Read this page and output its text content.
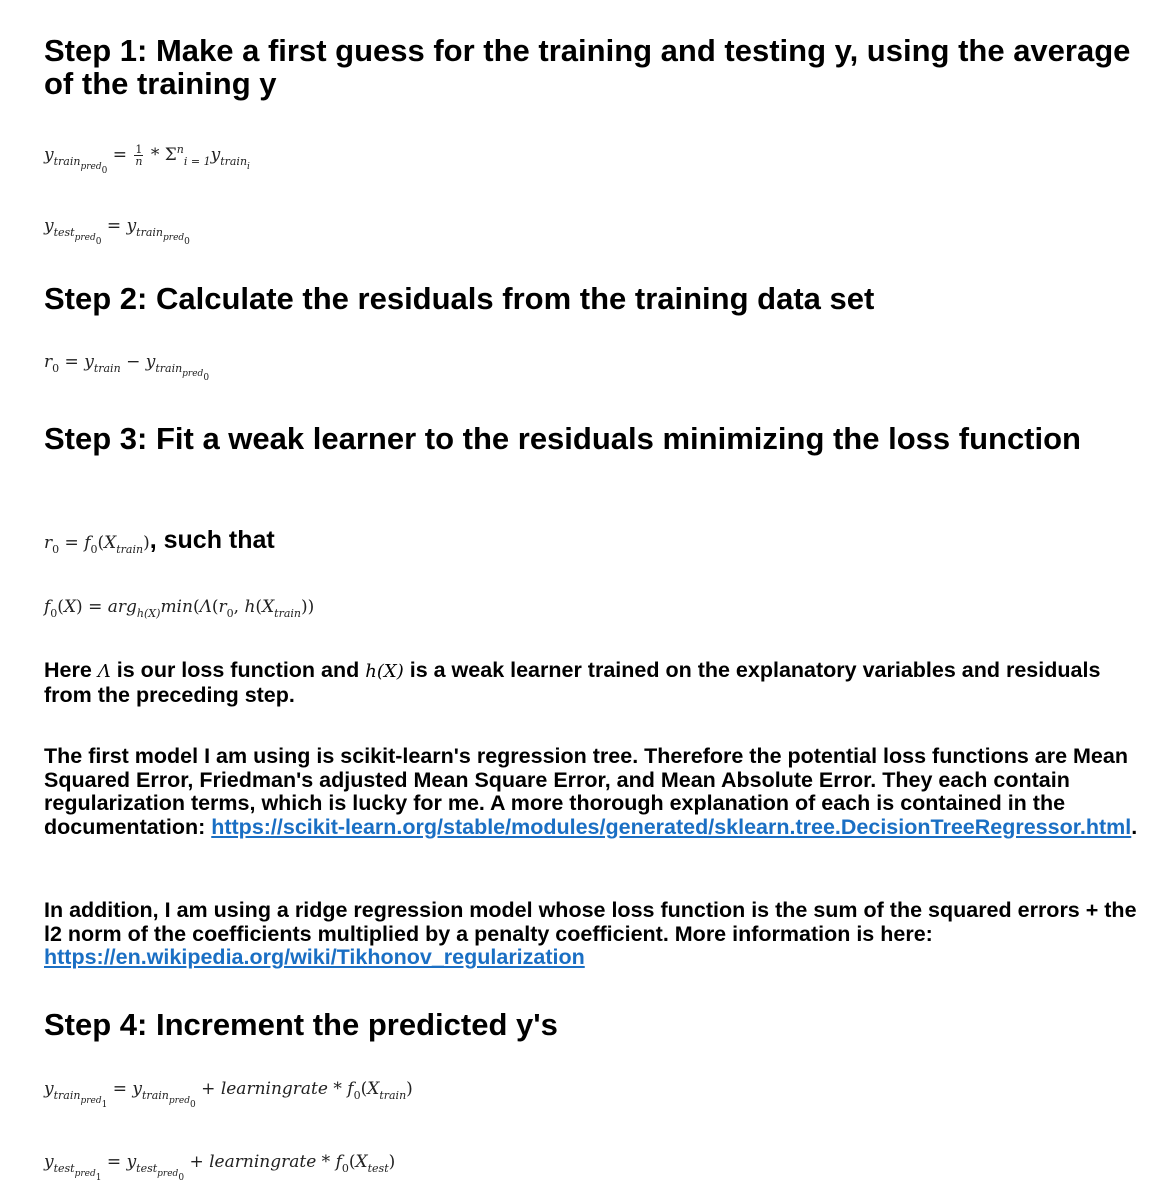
Step 1: Make a first guess for the training and testing y, using the average of the training y
$y_{train_{pred_0}} = \frac{1}{n} * \Sigma^n_{i = 1}y_{train_i}$
$y_{test_{pred_0}} = y_{train_{pred_0}}$
Step 2: Calculate the residuals from the training data set
$r_0 = y_{train} - y_{train_{pred_0}}$
Step 3: Fit a weak learner to the residuals minimizing the loss function
$r_0 = f_0(X_{train})$, such that
$f_0(X) = arg_{h(X)}\min(\Lambda(r_0$, $h(X_{train})$)

Here Λ is our loss function and h(X) is a weak learner trained on the explanatory variables and residuals from the preceding step.

The first model I am using is scikit-learn's regression tree. Therefore the potential loss functions are Mean Squared Error, Friedman's adjusted Mean Square Error, and Mean Absolute Error. They each contain regularization terms, which is lucky for me. A more thorough explanation of each is contained in the documentation: https://scikit-learn.org/stable/modules/generated/sklearn.tree.DecisionTreeRegressor.html.

In addition, I am using a ridge regression model whose loss function is the sum of the squared errors + the l2 norm of the coefficients multiplied by a penalty coefficient. More information is here: https://en.wikipedia.org/wiki/Tikhonov_regularization

Step 4: Increment the predicted y's
$y_{train_{pred_1}} = y_{train_{pred_0}}$ + learningrate * $f_0(X_{train})$
$y_{test_{pred_1}} = y_{test_{pred_0}}$ + learningrate * $f_0(X_{test})$
